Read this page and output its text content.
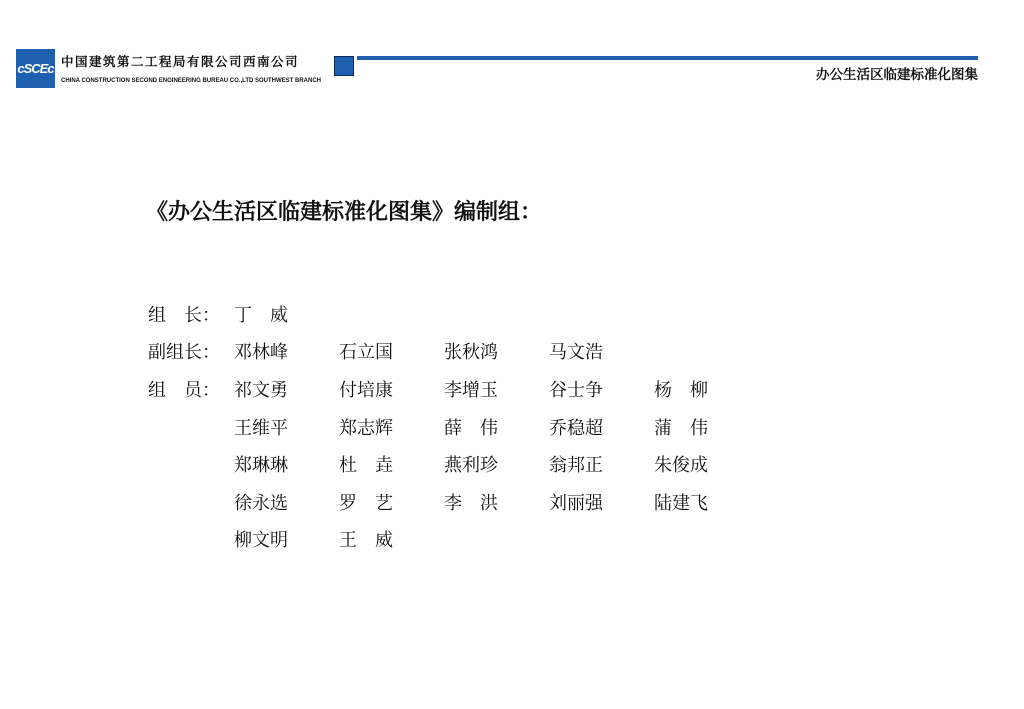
cSCEc 中国建筑第二工程局有限公司西南公司
CHINA CONSTRUCTION SECOND ENGINEERING BUREAU CO.,LTD SOUTHWEST BRANCH	办公生活区临建标准化图集
《办公生活区临建标准化图集》编制组：
组　长： 丁　威
副组长： 邓林峰	石立国	张秋鸿	马文浩
组　员： 祁文勇	付培康	李增玉	谷士争	杨　柳
王维平	郑志辉	薛　伟	乔稳超	蒲　伟
郑琳琳	杜　垚	燕利珍	翁邦正	朱俊成
徐永选	罗　艺	李　洪	刘丽强	陆建飞
柳文明	王　威
